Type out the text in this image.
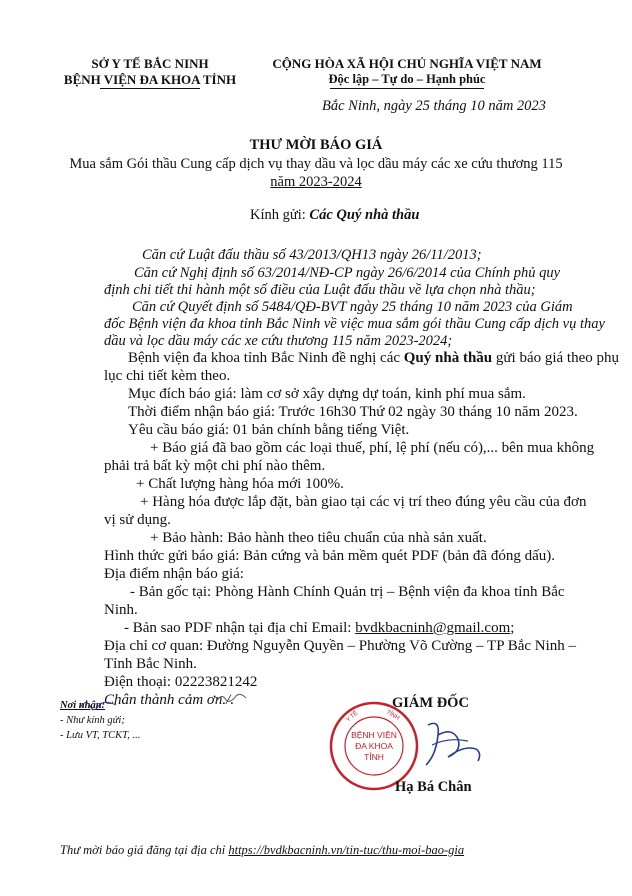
SỞ Y TẾ BẮC NINH
BỆNH VIỆN ĐA KHOA TỈNH
CỘNG HÒA XÃ HỘI CHỦ NGHĨA VIỆT NAM
Độc lập – Tự do – Hạnh phúc
Bắc Ninh, ngày 25 tháng 10 năm 2023
THƯ MỜI BÁO GIÁ
Mua sắm Gói thầu Cung cấp dịch vụ thay dầu và lọc dầu máy các xe cứu thương 115
năm 2023-2024
Kính gửi: Các Quý nhà thầu
Căn cứ Luật đấu thầu số 43/2013/QH13 ngày 26/11/2013;
Căn cứ Nghị định số 63/2014/NĐ-CP ngày 26/6/2014 của Chính phủ quy
định chi tiết thi hành một số điều của Luật đấu thầu về lựa chọn nhà thầu;
Căn cứ Quyết định số 5484/QĐ-BVT ngày 25 tháng 10 năm 2023 của Giám
đốc Bệnh viện đa khoa tỉnh Bắc Ninh về việc mua sắm gói thầu Cung cấp dịch vụ thay
dầu và lọc dầu máy các xe cứu thương 115 năm 2023-2024;
Bệnh viện đa khoa tỉnh Bắc Ninh đề nghị các Quý nhà thầu gửi báo giá theo phụ
lục chi tiết kèm theo.
Mục đích báo giá: làm cơ sở xây dựng dự toán, kinh phí mua sắm.
Thời điểm nhận báo giá: Trước 16h30 Thứ 02 ngày 30 tháng 10 năm 2023.
Yêu cầu báo giá: 01 bản chính bằng tiếng Việt.
+ Báo giá đã bao gồm các loại thuế, phí, lệ phí (nếu có),... bên mua không
phải trả bất kỳ một chi phí nào thêm.
+ Chất lượng hàng hóa mới 100%.
+ Hàng hóa được lắp đặt, bàn giao tại các vị trí theo đúng yêu cầu của đơn
vị sử dụng.
+ Bảo hành: Bảo hành theo tiêu chuẩn của nhà sản xuất.
Hình thức gửi báo giá: Bản cứng và bản mềm quét PDF (bản đã đóng dấu).
Địa điểm nhận báo giá:
- Bản gốc tại: Phòng Hành Chính Quản trị – Bệnh viện đa khoa tỉnh Bắc
Ninh.
- Bản sao PDF nhận tại địa chỉ Email: bvdkbacninh@gmail.com;
Địa chỉ cơ quan: Đường Nguyễn Quyền – Phường Võ Cường – TP Bắc Ninh –
Tỉnh Bắc Ninh.
Điện thoại: 02223821242
Chân thành cảm ơn./.
Nơi nhận:
- Như kính gửi;
- Lưu VT, TCKT, ...
GIÁM ĐỐC
BỆNH VIỆN
ĐA KHOA
TỈNH
Y TẾ	TỈNH
Hạ Bá Chân
Thư mời báo giá đăng tại địa chỉ https://bvdkbacninh.vn/tin-tuc/thu-moi-bao-gia
